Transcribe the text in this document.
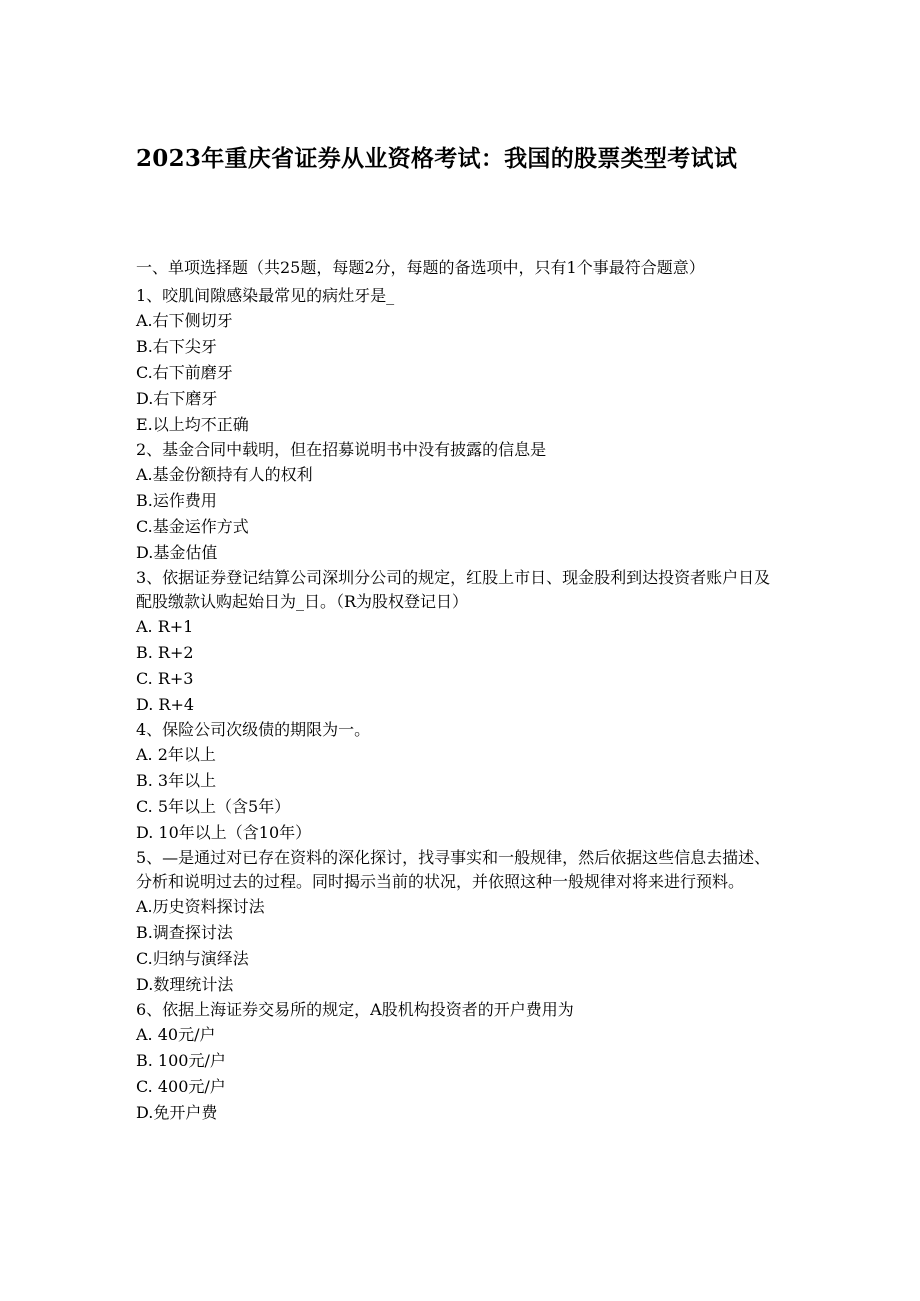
2023年重庆省证券从业资格考试：我国的股票类型考试试
一、单项选择题（共25题，每题2分，每题的备选项中，只有1个事最符合题意）
1、咬肌间隙感染最常见的病灶牙是_
A.右下侧切牙
B.右下尖牙
C.右下前磨牙
D.右下磨牙
E.以上均不正确
2、基金合同中载明，但在招募说明书中没有披露的信息是
A.基金份额持有人的权利
B.运作费用
C.基金运作方式
D.基金估值
3、依据证券登记结算公司深圳分公司的规定，红股上市日、现金股利到达投资者账户日及配股缴款认购起始日为_日。（R为股权登记日）
A. R+1
B. R+2
C. R+3
D. R+4
4、保险公司次级债的期限为一。
A. 2年以上
B. 3年以上
C. 5年以上（含5年）
D. 10年以上（含10年）
5、—是通过对已存在资料的深化探讨，找寻事实和一般规律，然后依据这些信息去描述、分析和说明过去的过程。同时揭示当前的状况，并依照这种一般规律对将来进行预料。
A.历史资料探讨法
B.调查探讨法
C.归纳与演绎法
D.数理统计法
6、依据上海证券交易所的规定，A股机构投资者的开户费用为
A. 40元/户
B. 100元/户
C. 400元/户
D.免开户费
